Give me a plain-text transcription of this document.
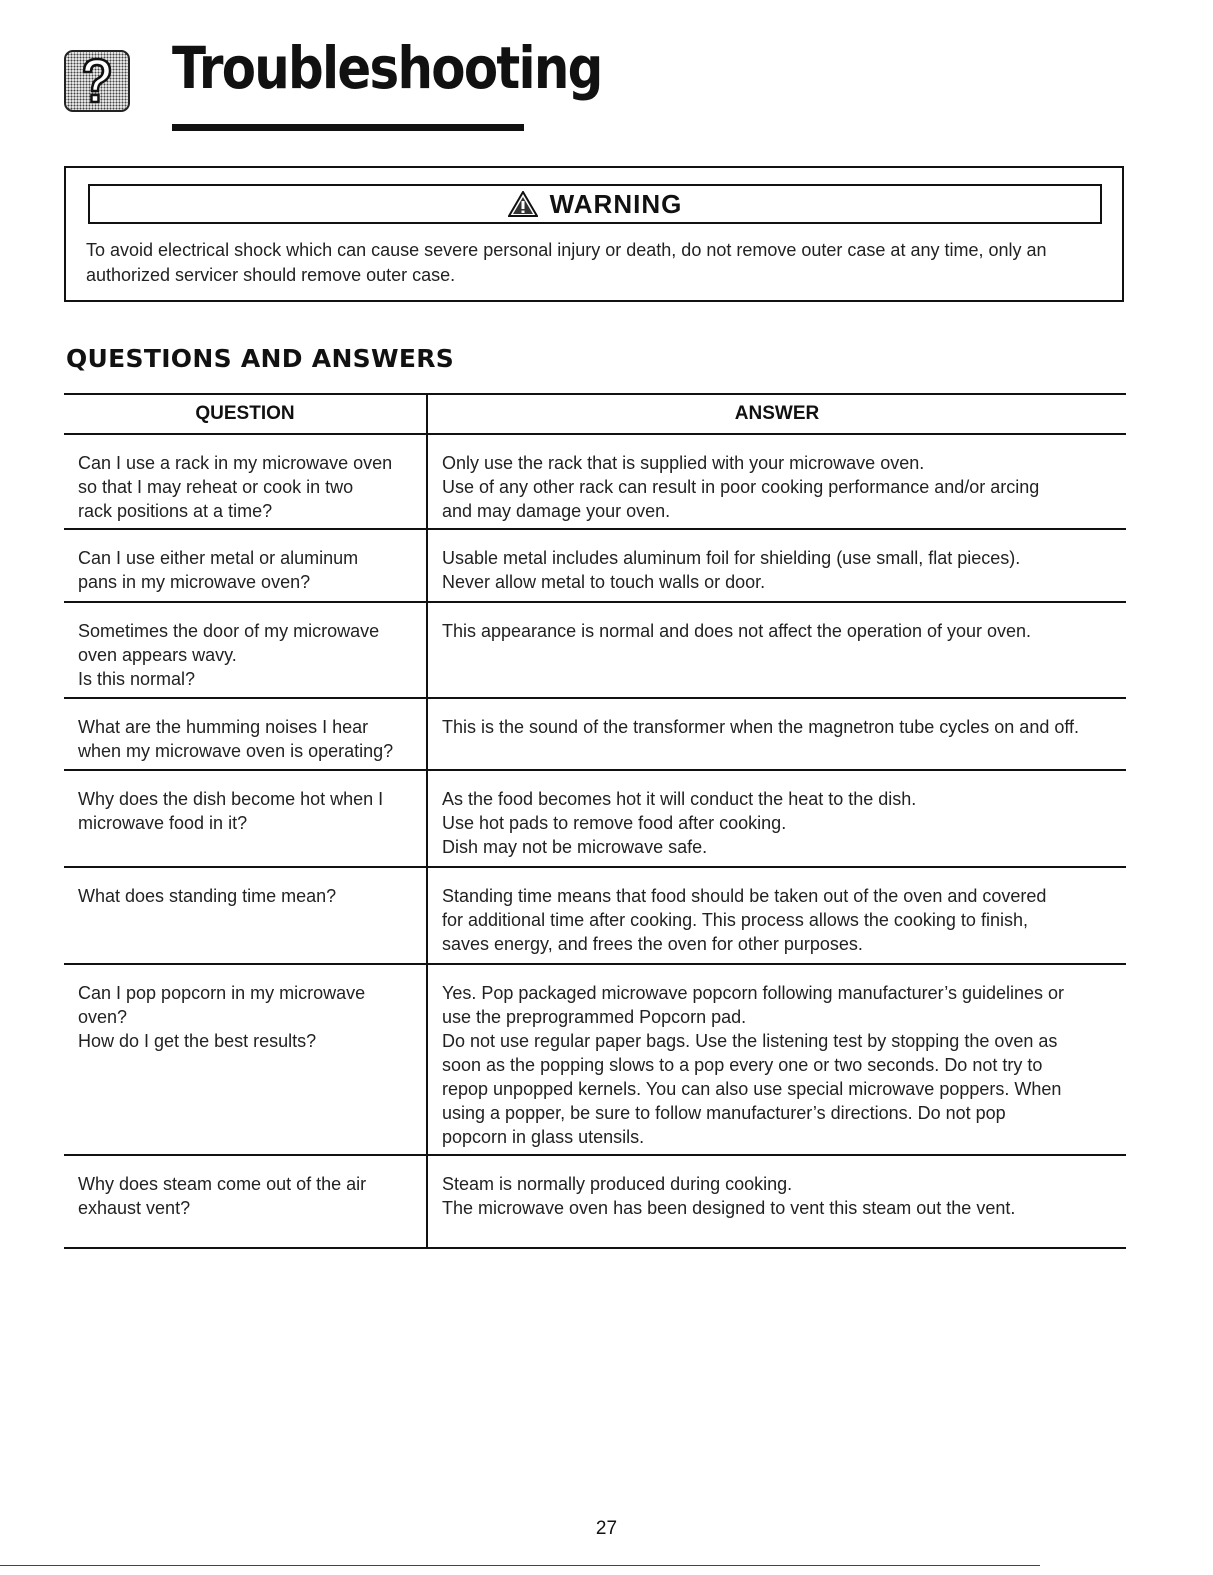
Troubleshooting
WARNING
To avoid electrical shock which can cause severe personal injury or death, do not remove outer case at any time, only an authorized servicer should remove outer case.
QUESTIONS AND ANSWERS
QUESTION	ANSWER
Can I use a rack in my microwave oven
so that I may reheat or cook in two
rack positions at a time?
Only use the rack that is supplied with your microwave oven.
Use of any other rack can result in poor cooking performance and/or arcing
and may damage your oven.
Can I use either metal or aluminum
pans in my microwave oven?
Usable metal includes aluminum foil for shielding (use small, flat pieces).
Never allow metal to touch walls or door.
Sometimes the door of my microwave
oven appears wavy.
Is this normal?
This appearance is normal and does not affect the operation of your oven.
What are the humming noises I hear
when my microwave oven is operating?
This is the sound of the transformer when the magnetron tube cycles on and off.
Why does the dish become hot when I
microwave food in it?
As the food becomes hot it will conduct the heat to the dish.
Use hot pads to remove food after cooking.
Dish may not be microwave safe.
What does standing time mean?	Standing time means that food should be taken out of the oven and covered
for additional time after cooking. This process allows the cooking to finish,
saves energy, and frees the oven for other purposes.
Can I pop popcorn in my microwave
oven?
How do I get the best results?
Yes. Pop packaged microwave popcorn following manufacturer’s guidelines or
use the preprogrammed Popcorn pad.
Do not use regular paper bags. Use the listening test by stopping the oven as
soon as the popping slows to a pop every one or two seconds. Do not try to
repop unpopped kernels. You can also use special microwave poppers. When
using a popper, be sure to follow manufacturer’s directions. Do not pop
popcorn in glass utensils.
Why does steam come out of the air
exhaust vent?
Steam is normally produced during cooking.
The microwave oven has been designed to vent this steam out the vent.
27
